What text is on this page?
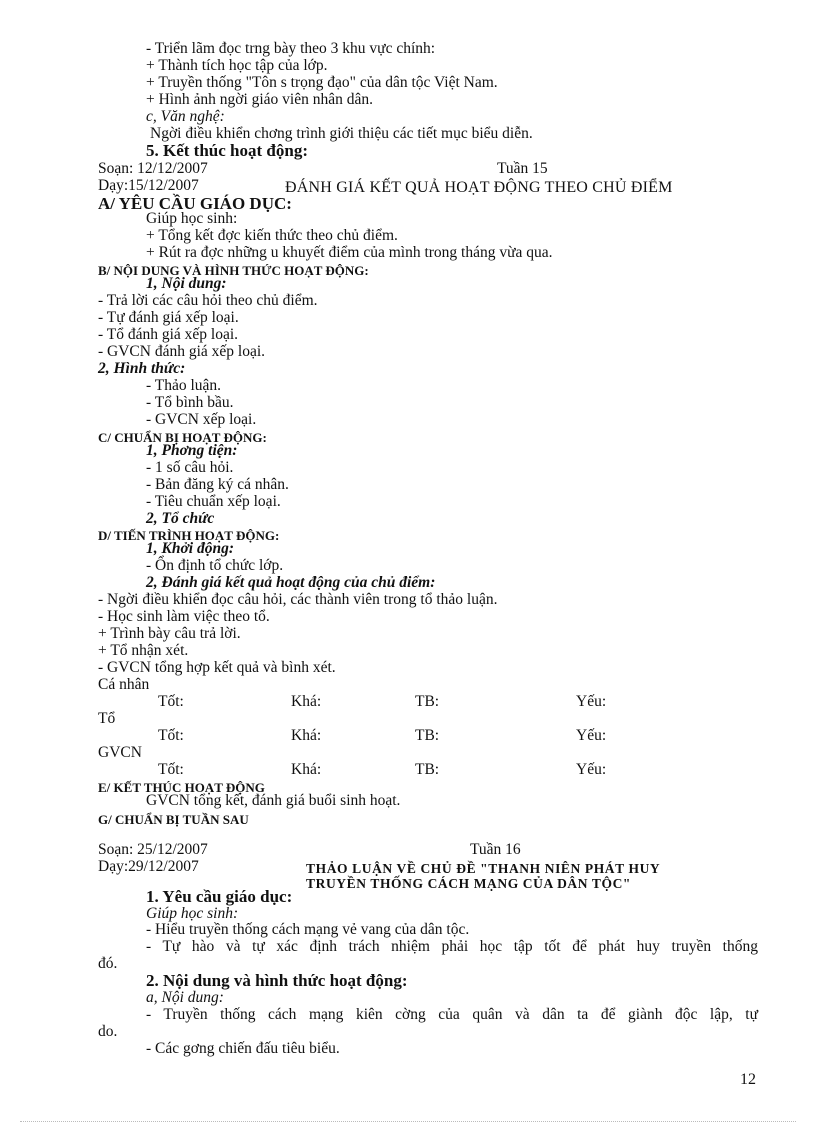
- Triển lãm đọc trng bày theo 3 khu vực chính:
+ Thành tích học tập của lớp.
+ Truyền thống "Tôn s trọng đạo" của dân tộc Việt Nam.
+ Hình ảnh ngời giáo viên nhân dân.
c, Văn nghệ:
Ngời điều khiển chơng trình giới thiệu các tiết mục biểu diễn.
5. Kết thúc hoạt động:
Soạn: 12/12/2007	Tuần 15
Dạy:15/12/2007	ĐÁNH GIÁ KẾT QUẢ HOẠT ĐỘNG THEO CHỦ ĐIỂM
A/ YÊU CẦU GIÁO DỤC:
Giúp học sinh:
+ Tổng kết đợc kiến thức theo chủ điểm.
+ Rút ra đợc những u khuyết điểm của mình trong tháng vừa qua.
B/ NỘI DUNG VÀ HÌNH THỨC HOẠT ĐỘNG:
1, Nội dung:
- Trả lời các câu hỏi theo chủ điểm.
- Tự đánh giá xếp loại.
- Tổ đánh giá xếp loại.
- GVCN đánh giá xếp loại.
2, Hình thức:
- Thảo luận.
- Tổ bình bầu.
- GVCN xếp loại.
C/ CHUẨN BỊ HOẠT ĐỘNG:
1, Phơng tiện:
- 1 số câu hỏi.
- Bản đăng ký cá nhân.
- Tiêu chuẩn xếp loại.
2, Tổ chức
D/ TIẾN TRÌNH HOẠT ĐỘNG:
1, Khởi động:
- Ổn định tổ chức lớp.
2, Đánh giá kết quả hoạt động của chủ điểm:
- Ngời điều khiển đọc câu hỏi, các thành viên trong tổ thảo luận.
- Học sinh làm việc theo tổ.
+ Trình bày câu trả lời.
+ Tổ nhận xét.
- GVCN tổng hợp kết quả và bình xét.
Cá nhân
Tốt:	Khá:	TB:	Yếu:
Tổ
Tốt:	Khá:	TB:	Yếu:
GVCN
Tốt:	Khá:	TB:	Yếu:
E/ KẾT THÚC HOẠT ĐỘNG
GVCN tổng kết, đánh giá buổi sinh hoạt.
G/ CHUẨN BỊ TUẦN SAU
Soạn: 25/12/2007	Tuần 16
Dạy:29/12/2007	THẢO LUẬN VỀ CHỦ ĐỀ "THANH NIÊN PHÁT HUY
TRUYỀN THỐNG CÁCH MẠNG CỦA DÂN TỘC"
1. Yêu cầu giáo dục:
Giúp học sinh:
- Hiểu truyền thống cách mạng vẻ vang của dân tộc.
- Tự hào và tự xác định trách nhiệm phải học tập tốt để phát huy truyền thống
đó.
2. Nội dung và hình thức hoạt động:
a, Nội dung:
- Truyền thống cách mạng kiên cờng của quân và dân ta để giành độc lập, tự
do.
- Các gơng chiến đấu tiêu biểu.
12
